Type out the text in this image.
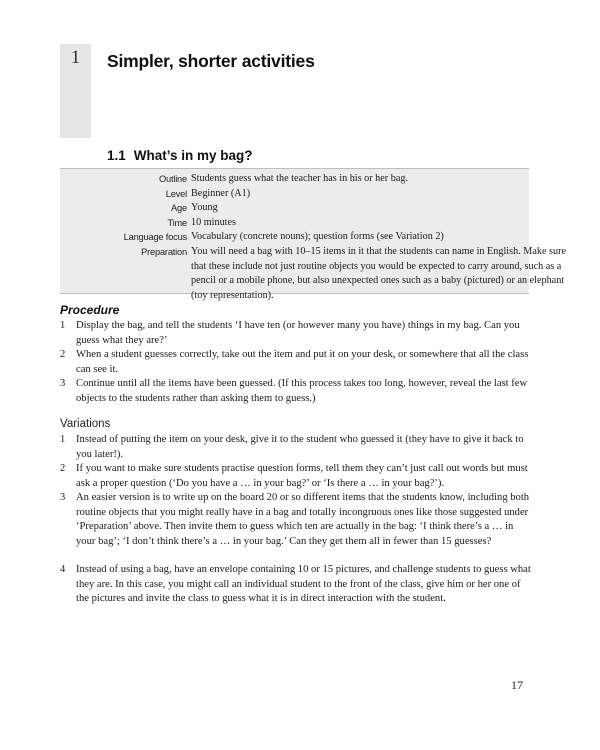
1	Simpler, shorter activities
1.1 What’s in my bag?
Outline Students guess what the teacher has in his or her bag.
Level Beginner (A1)
Age Young
Time 10 minutes
Language focus Vocabulary (concrete nouns); question forms (see Variation 2)
Preparation You will need a bag with 10–15 items in it that the students can name in English. Make sure that these include not just routine objects you would be expected to carry around, such as a pencil or a mobile phone, but also unexpected ones such as a baby (pictured) or an elephant (toy representation).
Procedure
1 Display the bag, and tell the students ‘I have ten (or however many you have) things in my bag. Can you guess what they are?’
2 When a student guesses correctly, take out the item and put it on your desk, or somewhere that all the class can see it.
3 Continue until all the items have been guessed. (If this process takes too long, however, reveal the last few objects to the students rather than asking them to guess.)
Variations
1 Instead of putting the item on your desk, give it to the student who guessed it (they have to give it back to you later!).
2 If you want to make sure students practise question forms, tell them they can’t just call out words but must ask a proper question (‘Do you have a … in your bag?’ or ‘Is there a … in your bag?’).
3 An easier version is to write up on the board 20 or so different items that the students know, including both routine objects that you might really have in a bag and totally incongruous ones like those suggested under ‘Preparation’ above. Then invite them to guess which ten are actually in the bag: ‘I think there’s a … in your bag’; ‘I don’t think there’s a … in your bag.’ Can they get them all in fewer than 15 guesses?
4 Instead of using a bag, have an envelope containing 10 or 15 pictures, and challenge students to guess what they are. In this case, you might call an individual student to the front of the class, give him or her one of the pictures and invite the class to guess what it is in direct interaction with the student.
17
